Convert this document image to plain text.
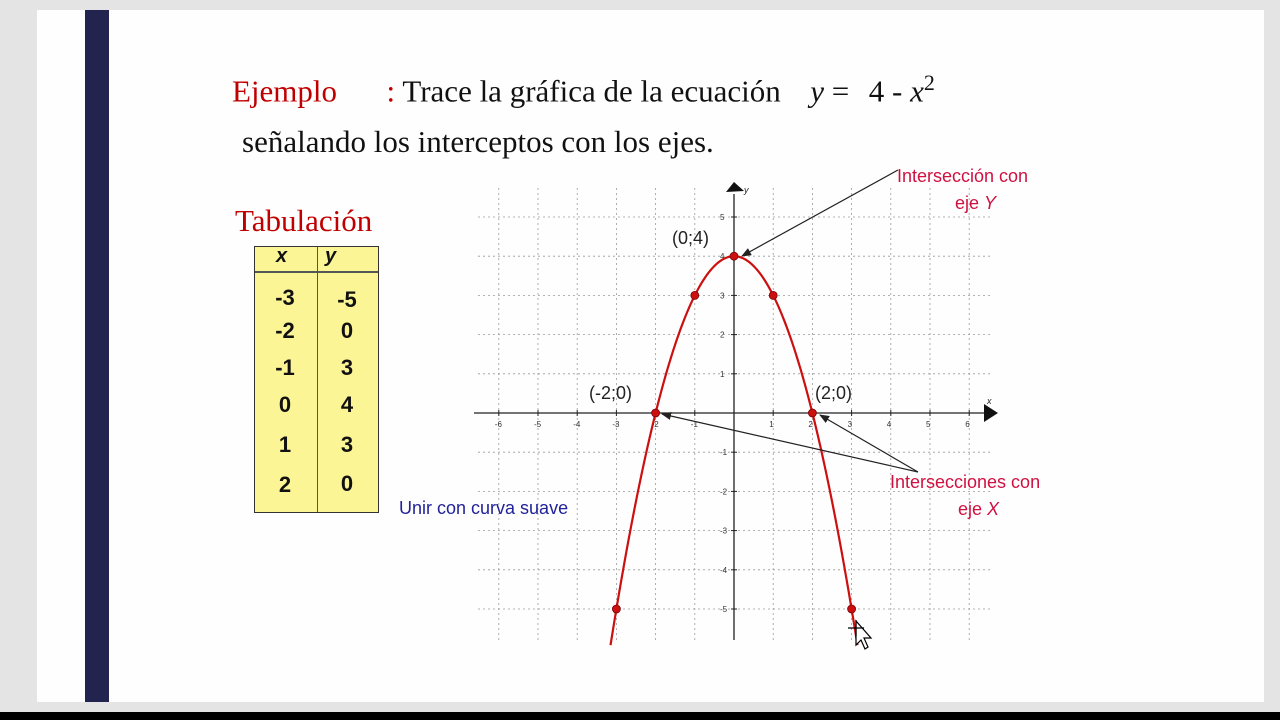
Ejemplo : Trace la gráfica de la ecuación $y = 4 - x^2$
señalando los interceptos con los ejes.
Tabulación
x y
-3	-5
-2	0
-1	3
0	4
1	3
2	0
x
y
-6	-5	-4	-3	-2	-1	1	2	3	4	5	6
-5
-4
-3
-2
-1
1
2
3
4
5
(0;4)
(-2;0)	(2;0)
Intersección con
eje Y
Intersecciones con
eje X
Unir con curva suave
